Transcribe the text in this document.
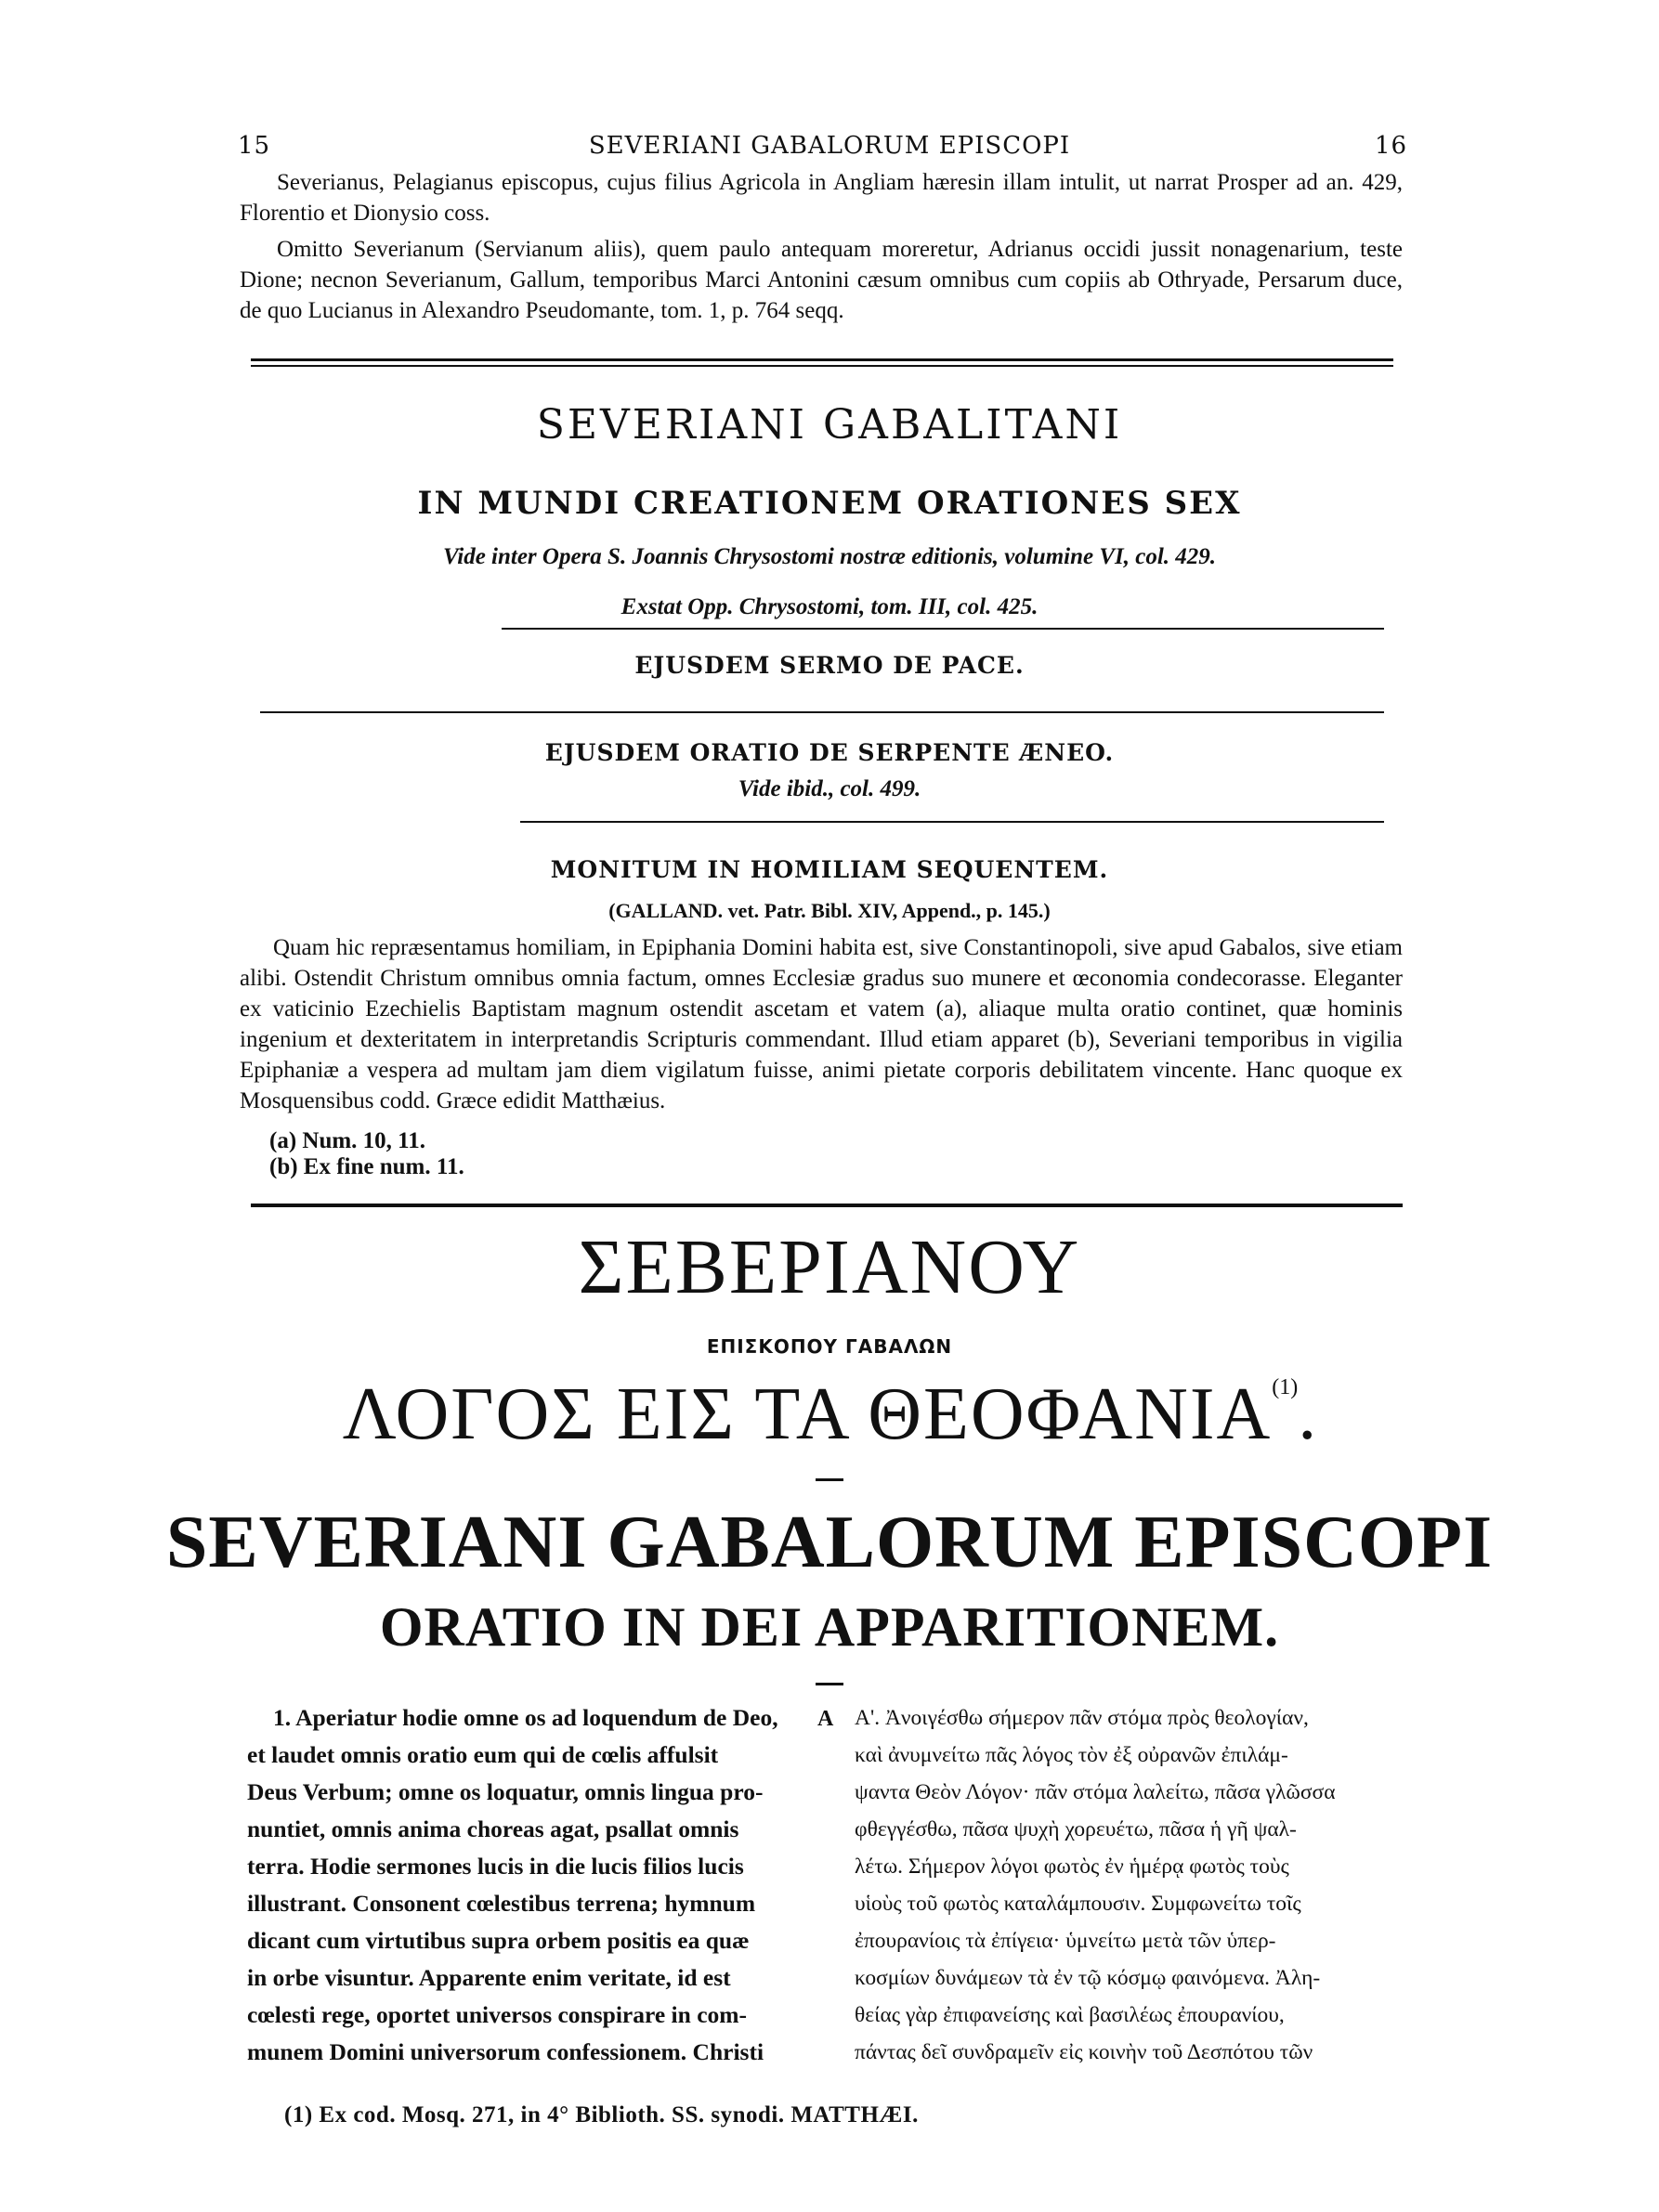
15	SEVERIANI GABALORUM EPISCOPI	16
Severianus, Pelagianus episcopus, cujus filius Agricola in Angliam hæresin illam intulit, ut narrat Prosper ad an. 429, Florentio et Dionysio coss.
Omitto Severianum (Servianum aliis), quem paulo antequam moreretur, Adrianus occidi jussit nonagenarium, teste Dione; necnon Severianum, Gallum, temporibus Marci Antonini cæsum omnibus cum copiis ab Othryade, Persarum duce, de quo Lucianus in Alexandro Pseudomante, tom. 1, p. 764 seqq.
SEVERIANI GABALITANI
IN MUNDI CREATIONEM ORATIONES SEX
Vide inter Opera S. Joannis Chrysostomi nostræ editionis, volumine VI, col. 429.
Exstat Opp. Chrysostomi, tom. III, col. 425.
EJUSDEM SERMO DE PACE.
EJUSDEM ORATIO DE SERPENTE ÆNEO.
Vide ibid., col. 499.
MONITUM IN HOMILIAM SEQUENTEM.
(GALLAND. vet. Patr. Bibl. XIV, Append., p. 145.)
Quam hic repræsentamus homiliam, in Epiphania Domini habita est, sive Constantinopoli, sive apud Gabalos, sive etiam alibi. Ostendit Christum omnibus omnia factum, omnes Ecclesiæ gradus suo munere et œconomia condecorasse. Eleganter ex vaticinio Ezechielis Baptistam magnum ostendit ascetam et vatem (a), aliaque multa oratio continet, quæ hominis ingenium et dexteritatem in interpretandis Scripturis commendant. Illud etiam apparet (b), Severiani temporibus in vigilia Epiphaniæ a vespera ad multam jam diem vigilatum fuisse, animi pietate corporis debilitatem vincente. Hanc quoque ex Mosquensibus codd. Græce edidit Matthæius.
(a) Num. 10, 11.
(b) Ex fine num. 11.
ΣΕΒΕΡΙΑΝΟΥ
ΕΠΙΣΚΟΠΟΥ ΓΑΒΑΛΩΝ
ΛΟΓΟΣ ΕΙΣ ΤΑ ΘΕΟΦΑΝΙΑ$^{(1)}$.
SEVERIANI GABALORUM EPISCOPI
ORATIO IN DEI APPARITIONEM.
1. Aperiatur hodie omne os ad loquendum de Deo,
et laudet omnis oratio eum qui de cœlis affulsit
Deus Verbum; omne os loquatur, omnis lingua pro-
nuntiet, omnis anima choreas agat, psallat omnis
terra. Hodie sermones lucis in die lucis filios lucis
illustrant. Consonent cœlestibus terrena; hymnum
dicant cum virtutibus supra orbem positis ea quæ
in orbe visuntur. Apparente enim veritate, id est
cœlesti rege, oportet universos conspirare in com-
munem Domini universorum confessionem. Christi
A Α'. Ἀνοιγέσθω σήμερον πᾶν στόμα πρὸς θεολογίαν,
καὶ ἀνυμνείτω πᾶς λόγος τὸν ἐξ οὐρανῶν ἐπιλάμ-
ψαντα Θεὸν Λόγον· πᾶν στόμα λαλείτω, πᾶσα γλῶσσα
φθεγγέσθω, πᾶσα ψυχὴ χορευέτω, πᾶσα ἡ γῆ ψαλ-
λέτω. Σήμερον λόγοι φωτὸς ἐν ἡμέρᾳ φωτὸς τοὺς
υἱοὺς τοῦ φωτὸς καταλάμπουσιν. Συμφωνείτω τοῖς
ἐπουρανίοις τὰ ἐπίγεια· ὑμνείτω μετὰ τῶν ὑπερ-
κοσμίων δυνάμεων τὰ ἐν τῷ κόσμῳ φαινόμενα. Ἀλη-
θείας γὰρ ἐπιφανείσης καὶ βασιλέως ἐπουρανίου,
πάντας δεῖ συνδραμεῖν εἰς κοινὴν τοῦ Δεσπότου τῶν
(1) Ex cod. Mosq. 271, in 4° Biblioth. SS. synodi. MATTHÆI.
